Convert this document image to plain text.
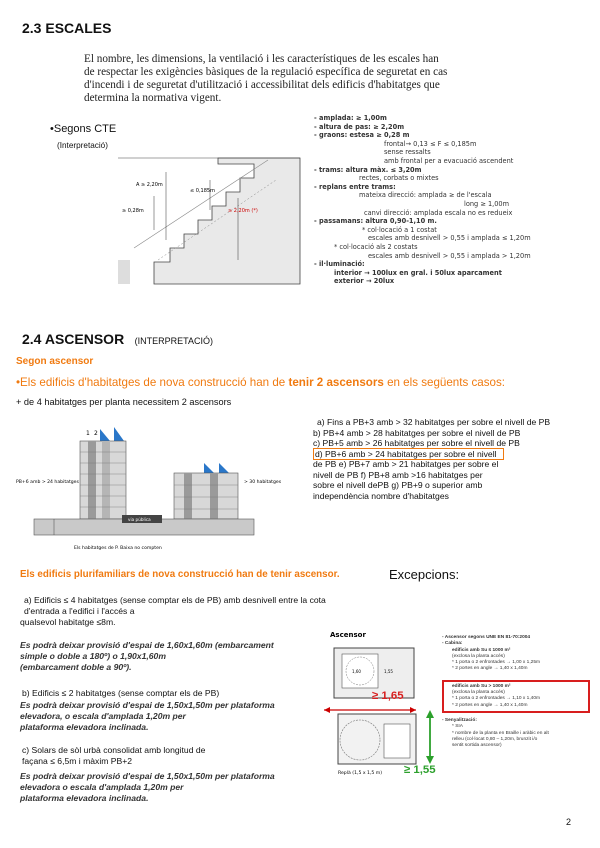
2.3 ESCALES
El nombre, les dimensions, la ventilació i les característiques de les escales han
de respectar les exigències bàsiques de la regulació específica de seguretat en cas
d'incendi i de seguretat d'utilització i accessibilitat dels edificis d'habitatges que
determina la normativa vigent.
•Segons CTE
(Interpretació)
A ≥ 2,20m
≤ 0,185m
≥ 0,28m	≥ 2,20m (*)
- amplada: ≥ 1,00m
- altura de pas: ≥ 2,20m
- graons: estesa ≥ 0,28 m
frontal→ 0,13 ≤ F ≤ 0,185m
sense ressalts
amb frontal per a evacuació ascendent
- trams: altura màx. ≤ 3,20m
rectes, corbats o mixtes
- replans entre trams:
mateixa direcció: amplada ≥ de l'escala
long ≥ 1,00m
canvi direcció: amplada escala no es redueix
- passamans: altura 0,90-1,10 m.
* col·locació a 1 costat
escales amb desnivell > 0,55 i amplada ≤ 1,20m
* col·locació als 2 costats
escales amb desnivell > 0,55 i amplada > 1,20m
- il·luminació:
interior → 100lux en gral. i 50lux aparcament
exterior → 20lux
2.4 ASCENSOR (INTERPRETACIÓ)
Segon ascensor
•Els edificis d'habitatges de nova construcció han de tenir 2 ascensors en els següents casos:
+ de 4 habitatges per planta necessitem 2 ascensors
1 2
via pública
PB+6 amb > 24 habitatges	> 30 habitatges
Els habitatges de P. Baixa no compten
a) Fins a PB+3 amb > 32 habitatges per sobre el nivell de PB
b) PB+4 amb > 28 habitatges per sobre el nivell de PB
c) PB+5 amb > 26 habitatges per sobre el nivell de PB
d) PB+6 amb > 24 habitatges per sobre el nivell
de PB e) PB+7 amb > 21 habitatges per sobre el
nivell de PB f) PB+8 amb >16 habitatges per
sobre el nivell dePB g) PB+9 o superior amb
independència nombre d'habitatges
Els edificis plurifamiliars de nova construcció han de tenir ascensor.	Excepcions:
a) Edificis ≤ 4 habitatges (sense comptar els de PB) amb desnivell entre la cota
d'entrada a l'edifici i l'accés a
qualsevol habitatge ≤8m.
Es podrà deixar provisió d'espai de 1,60x1,60m (embarcament
simple o doble a 180º) o 1,90x1,60m
(embarcament doble a 90º).
b) Edificis ≤ 2 habitatges (sense comptar els de PB)
Es podrà deixar provisió d'espai de 1,50x1,50m per plataforma
elevadora, o escala d'amplada 1,20m per
plataforma elevadora inclinada.
c) Solars de sòl urbà consolidat amb longitud de
façana ≤ 6,5m i màxim PB+2
Es podrà deixar provisió d'espai de 1,50x1,50m per plataforma
elevadora o escala d'amplada 1,20m per
plataforma elevadora inclinada.
Ascensor
1,60	1,55
Replà (1,5 x 1,5 m)
≥ 1,65
≥ 1,55
- Ascensor segons UNE EN 81-70:2004
- Cabina:
edificis amb Su ≤ 1000 m²
(exclosa la planta accés)
* 1 porta o 2 enfrontades → 1,00 x 1,25m
* 2 portes en angle → 1,40 x 1,40m
edificis amb Su > 1000 m²
(exclosa la planta accés)
* 1 porta o 2 enfrontades → 1,10 x 1,40m
* 2 portes en angle → 1,40 x 1,40m
- Senyalització:
* SIA
* nombre de la planta en Braille i aràbic en alt
relleu (col·locat 0,80 – 1,20m, brunzit i/o
sentit sortida ascensor)
2
